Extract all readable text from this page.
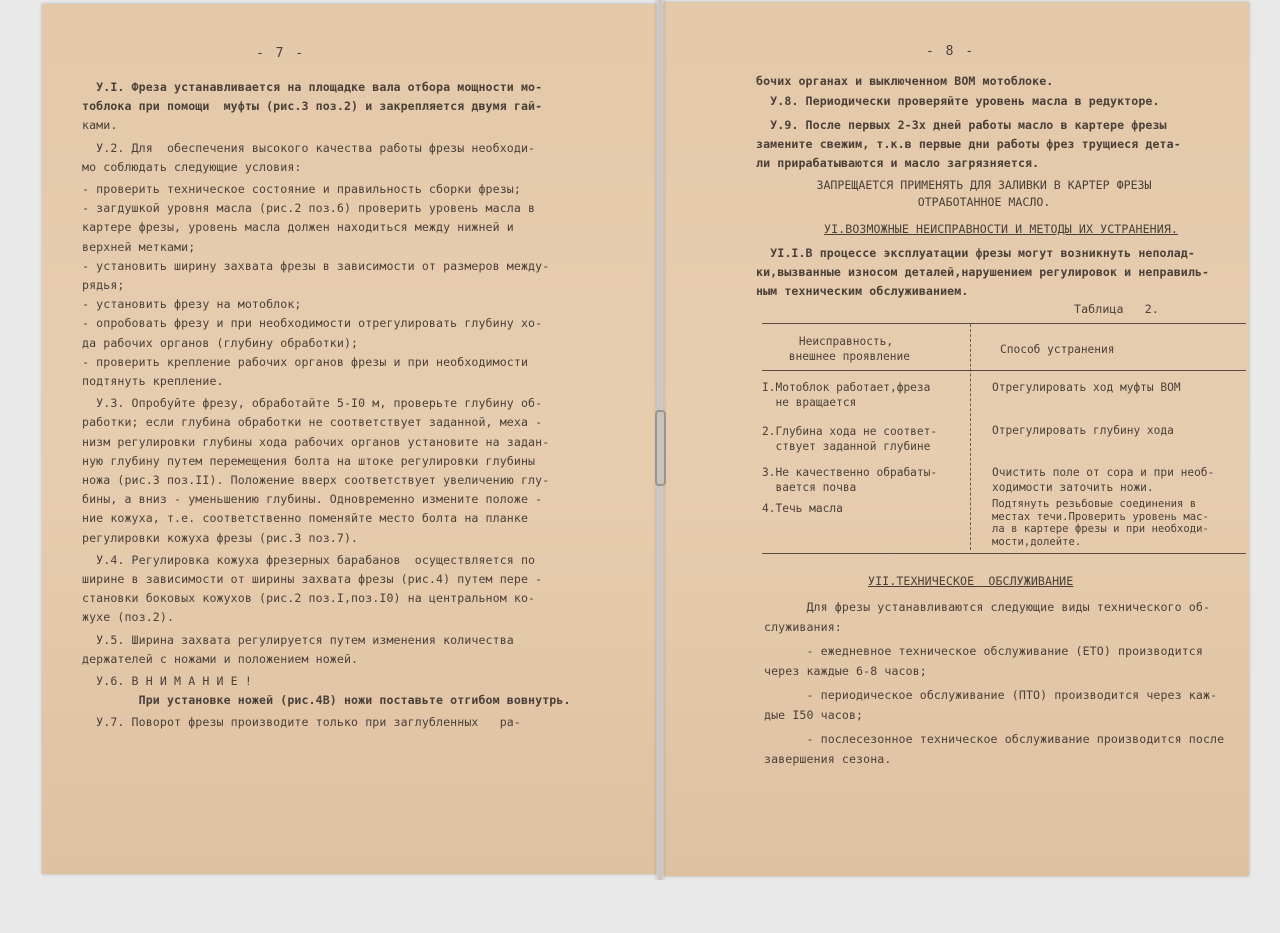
- 7 -
У.I. Фреза устанавливается на площадке вала отбора мощности мо-
тоблока при помощи  муфты (рис.3 поз.2) и закрепляется двумя гай-
ками.
У.2. Для  обеспечения высокого качества работы фрезы необходи-
мо соблюдать следующие условия:
- проверить техническое состояние и правильность сборки фрезы;
- загдушкой уровня масла (рис.2 поз.6) проверить уровень масла в
картере фрезы, уровень масла должен находиться между нижней и
верхней метками;
- установить ширину захвата фрезы в зависимости от размеров междy-
рядья;
- установить фрезу на мотоблок;
- опробовать фрезу и при необходимости отрегулировать глубину хо-
да рабочих органов (глубину обработки);
- проверить крепление рабочих органов фрезы и при необходимости
подтянуть крепление.
У.3. Опробуйте фрезу, обработайте 5-I0 м, проверьте глубину об-
работки; если глубина обработки не соответствует заданной, меха -
низм регулировки глубины хода рабочих органов установите на задан-
ную глубину путем перемещения болта на штоке регулировки глубины
ножа (рис.3 поз.II). Положение вверх соответствует увеличению глу-
бины, а вниз - уменьшению глубины. Одновременно измените положе -
ние кожуха, т.е. соответственно поменяйте место болта на планке
регулировки кожуха фрезы (рис.3 поз.7).
У.4. Регулировка кожуха фрезерных барабанов  осуществляется по
ширине в зависимости от ширины захвата фрезы (рис.4) путем пере -
становки боковых кожухов (рис.2 поз.I,поз.I0) на центральном ко-
жухе (поз.2).
У.5. Ширина захвата регулируется путем изменения количества
держателей с ножами и положением ножей.
У.6. В Н И М А Н И Е !
При установке ножей (рис.4В) ножи поставьте отгибом вовнутрь.
У.7. Поворот фрезы производите только при заглубленных   ра-
- 8 -
бочих органах и выключенном ВОМ мотоблоке.
У.8. Периодически проверяйте уровень масла в редукторе.
У.9. После первых 2-3х дней работы масло в картере фрезы
замените свежим, т.к.в первые дни работы фрез трущиеся дета-
ли прирабатываются и масло загрязняется.
ЗАПРЕЩАЕТСЯ ПРИМЕНЯТЬ ДЛЯ ЗАЛИВКИ В КАРТЕР ФРЕЗЫ
ОТРАБОТАННОЕ МАСЛО.
УI.ВОЗМОЖНЫЕ НЕИСПРАВНОСТИ И МЕТОДЫ ИХ УСТРАНЕНИЯ.
УI.I.В процессе эксплуатации фрезы могут возникнуть неполад-
ки,вызванные износом деталей,нарушением регулировок и неправиль-
ным техническим обслуживанием.
Таблица   2.
Неисправность,
внешнее проявление
Способ устранения
I.Мотоблок работает,фреза
не вращается
Отрегулировать ход муфты ВОМ
2.Глубина хода не соответ-
ствует заданной глубине
Отрегулировать глубину хода
3.Не качественно обрабаты-
вается почва
Очистить поле от сора и при необ-
ходимости заточить ножи.
4.Течь масла	Подтянуть резьбовые соединения в
местах течи.Проверить уровень мас-
ла в картере фрезы и при необходи-
мости,долейте.
УII.ТЕХНИЧЕСКОЕ  ОБСЛУЖИВАНИЕ
Для фрезы устанавливаются следующие виды технического об-
служивания:
- ежедневное техническое обслуживание (ЕТО) производится
через каждые 6-8 часов;
- периодическое обслуживание (ПТО) производится через каж-
дые I50 часов;
- послесезонное техническое обслуживание производится после
завершения сезона.
